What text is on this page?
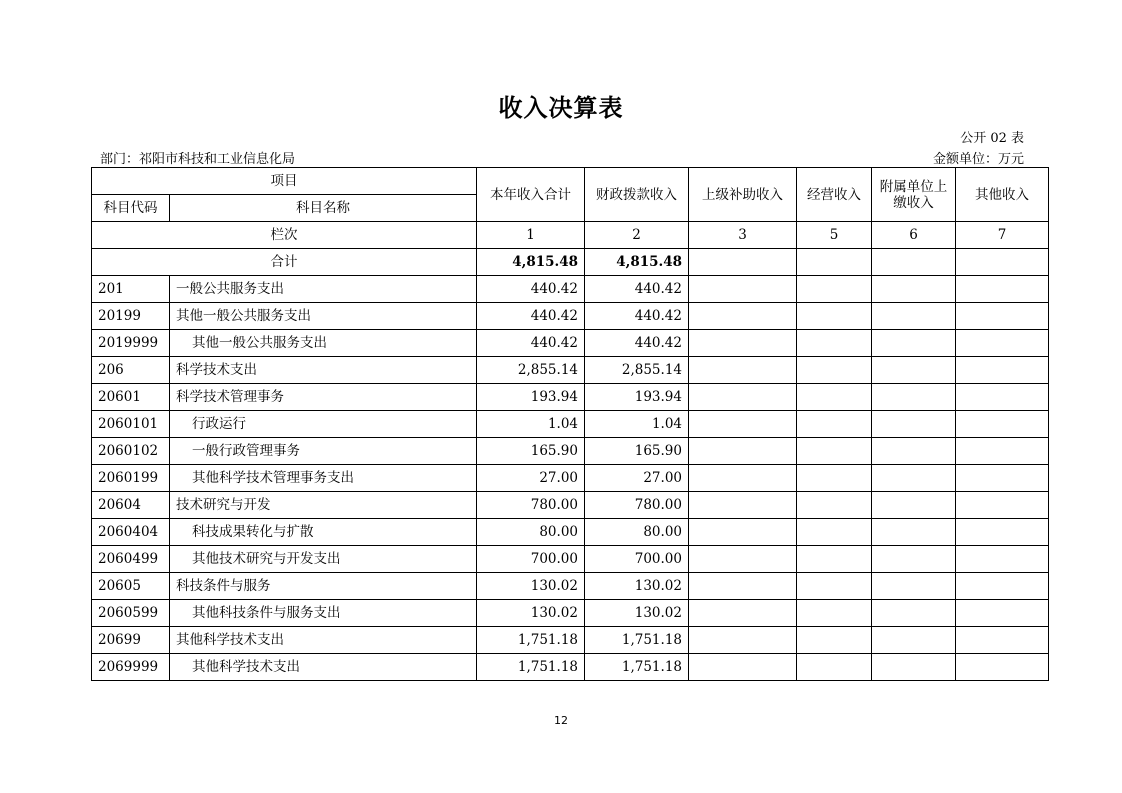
收入决算表
公开 02 表
部门：祁阳市科技和工业信息化局	金额单位：万元
项目		本年收入合计	财政拨款收入	上级补助收入	经营收入	附属单位上缴收入	其他收入
科目代码	科目名称						
栏次		1	2	3	5	6	7
合计		4,815.48	4,815.48				
201	一般公共服务支出	440.42	440.42				
20199	其他一般公共服务支出	440.42	440.42				
2019999	其他一般公共服务支出	440.42	440.42				
206	科学技术支出	2,855.14	2,855.14				
20601	科学技术管理事务	193.94	193.94				
2060101	行政运行	1.04	1.04				
2060102	一般行政管理事务	165.90	165.90				
2060199	其他科学技术管理事务支出	27.00	27.00				
20604	技术研究与开发	780.00	780.00				
2060404	科技成果转化与扩散	80.00	80.00				
2060499	其他技术研究与开发支出	700.00	700.00				
20605	科技条件与服务	130.02	130.02				
2060599	其他科技条件与服务支出	130.02	130.02				
20699	其他科学技术支出	1,751.18	1,751.18				
2069999	其他科学技术支出	1,751.18	1,751.18				
12
